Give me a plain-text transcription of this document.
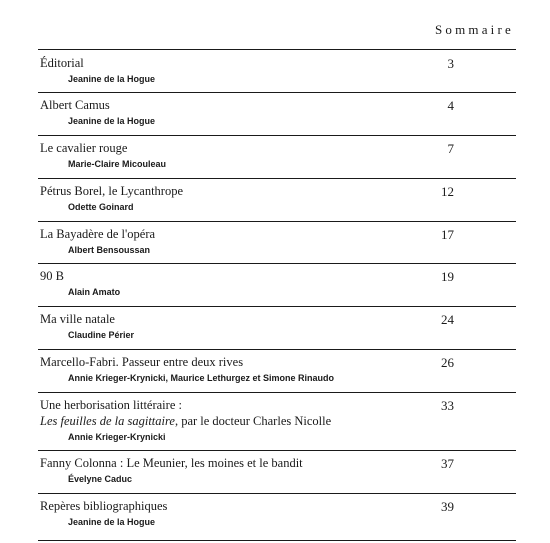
Sommaire
Éditorial
Jeanine de la Hogue
3
Albert Camus
Jeanine de la Hogue
4
Le cavalier rouge
Marie-Claire Micouleau
7
Pétrus Borel, le Lycanthrope
Odette Goinard
12
La Bayadère de l'opéra
Albert Bensoussan
17
90 B
Alain Amato
19
Ma ville natale
Claudine Périer
24
Marcello-Fabri. Passeur entre deux rives
Annie Krieger-Krynicki, Maurice Lethurgez et Simone Rinaudo
26
Une herborisation littéraire :
Les feuilles de la sagittaire, par le docteur Charles Nicolle
Annie Krieger-Krynicki
33
Fanny Colonna : Le Meunier, les moines et le bandit
Évelyne Caduc
37
Repères bibliographiques
Jeanine de la Hogue
39
